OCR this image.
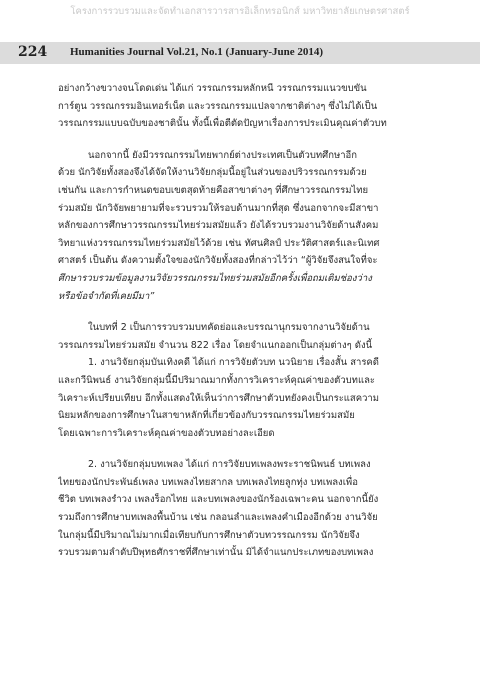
โครงการรวบรวมและจัดทำเอกสารวารสารอิเล็กทรอนิกส์ มหาวิทยาลัยเกษตรศาสตร์
224 Humanities Journal Vol.21, No.1 (January-June 2014)
อย่างกว้างขวางจนโดดเด่น ได้แก่ วรรณกรรมหลักหนี วรรณกรรมแนวขบขัน
การ์ตูน วรรณกรรมอินเทอร์เน็ต และวรรณกรรมแปลจากชาติต่างๆ ซึ่งไม่ได้เป็น
วรรณกรรมแบบฉบับของชาตินั้น ทั้งนี้เพื่อตีตัดปัญหาเรื่องการประเมินคุณค่าตัวบท
นอกจากนี้ ยังมีวรรณกรรมไทยพากย์ต่างประเทศเป็นตัวบทศึกษาอีก
ด้วย นักวิจัยทั้งสองจึงได้จัดให้งานวิจัยกลุ่มนี้อยู่ในส่วนของปริวรรณกรรมด้วย
เช่นกัน และการกำหนดขอบเขตสุดท้ายคือสาขาต่างๆ ที่ศึกษาวรรณกรรมไทย
ร่วมสมัย นักวิจัยพยายามที่จะรวบรวมให้รอบด้านมากที่สุด ซึ่งนอกจากจะมีสาขา
หลักของการศึกษาวรรณกรรมไทยร่วมสมัยแล้ว ยังได้รวบรวมงานวิจัยด้านสังคม
วิทยาแห่งวรรณกรรมไทยร่วมสมัยไว้ด้วย เช่น ทัศนศิลป์ ประวัติศาสตร์และนิเทศ
ศาสตร์ เป็นต้น ดังความตั้งใจของนักวิจัยทั้งสองที่กล่าวไว้ว่า “ผู้วิจัยจึงสนใจที่จะ
ศึกษารวบรวมข้อมูลงานวิจัยวรรณกรรมไทยร่วมสมัยอีกครั้งเพื่อถมเติมช่องว่าง
หรือข้อจำกัดที่เคยมีมา”
ในบทที่ 2 เป็นการรวบรวมบทคัดย่อและบรรณานุกรมจากงานวิจัยด้าน
วรรณกรรมไทยร่วมสมัย จำนวน 822 เรื่อง โดยจำแนกออกเป็นกลุ่มต่างๆ ดังนี้
1. งานวิจัยกลุ่มบันเทิงคดี ได้แก่ การวิจัยตัวบท นวนิยาย เรื่องสั้น สารคดี
และกวีนิพนธ์ งานวิจัยกลุ่มนี้มีปริมาณมากทั้งการวิเคราะห์คุณค่าของตัวบทและ
วิเคราะห์เปรียบเทียบ อีกทั้งแสดงให้เห็นว่าการศึกษาตัวบทยังคงเป็นกระแสความ
นิยมหลักของการศึกษาในสาขาหลักที่เกี่ยวข้องกับวรรณกรรมไทยร่วมสมัย
โดยเฉพาะการวิเคราะห์คุณค่าของตัวบทอย่างละเอียด
2. งานวิจัยกลุ่มบทเพลง ได้แก่ การวิจัยบทเพลงพระราชนิพนธ์ บทเพลง
ไทยของนักประพันธ์เพลง บทเพลงไทยสากล บทเพลงไทยลูกทุ่ง บทเพลงเพื่อ
ชีวิต บทเพลงรำวง เพลงร็อกไทย และบทเพลงของนักร้องเฉพาะคน นอกจากนี้ยัง
รวมถึงการศึกษาบทเพลงพื้นบ้าน เช่น กลอนลำและเพลงคำเมืองอีกด้วย งานวิจัย
ในกลุ่มนี้มีปริมาณไม่มากเมื่อเทียบกับการศึกษาตัวบทวรรณกรรม นักวิจัยจึง
รวบรวมตามลำดับปีพุทธศักราชที่ศึกษาเท่านั้น มิได้จำแนกประเภทของบทเพลง
